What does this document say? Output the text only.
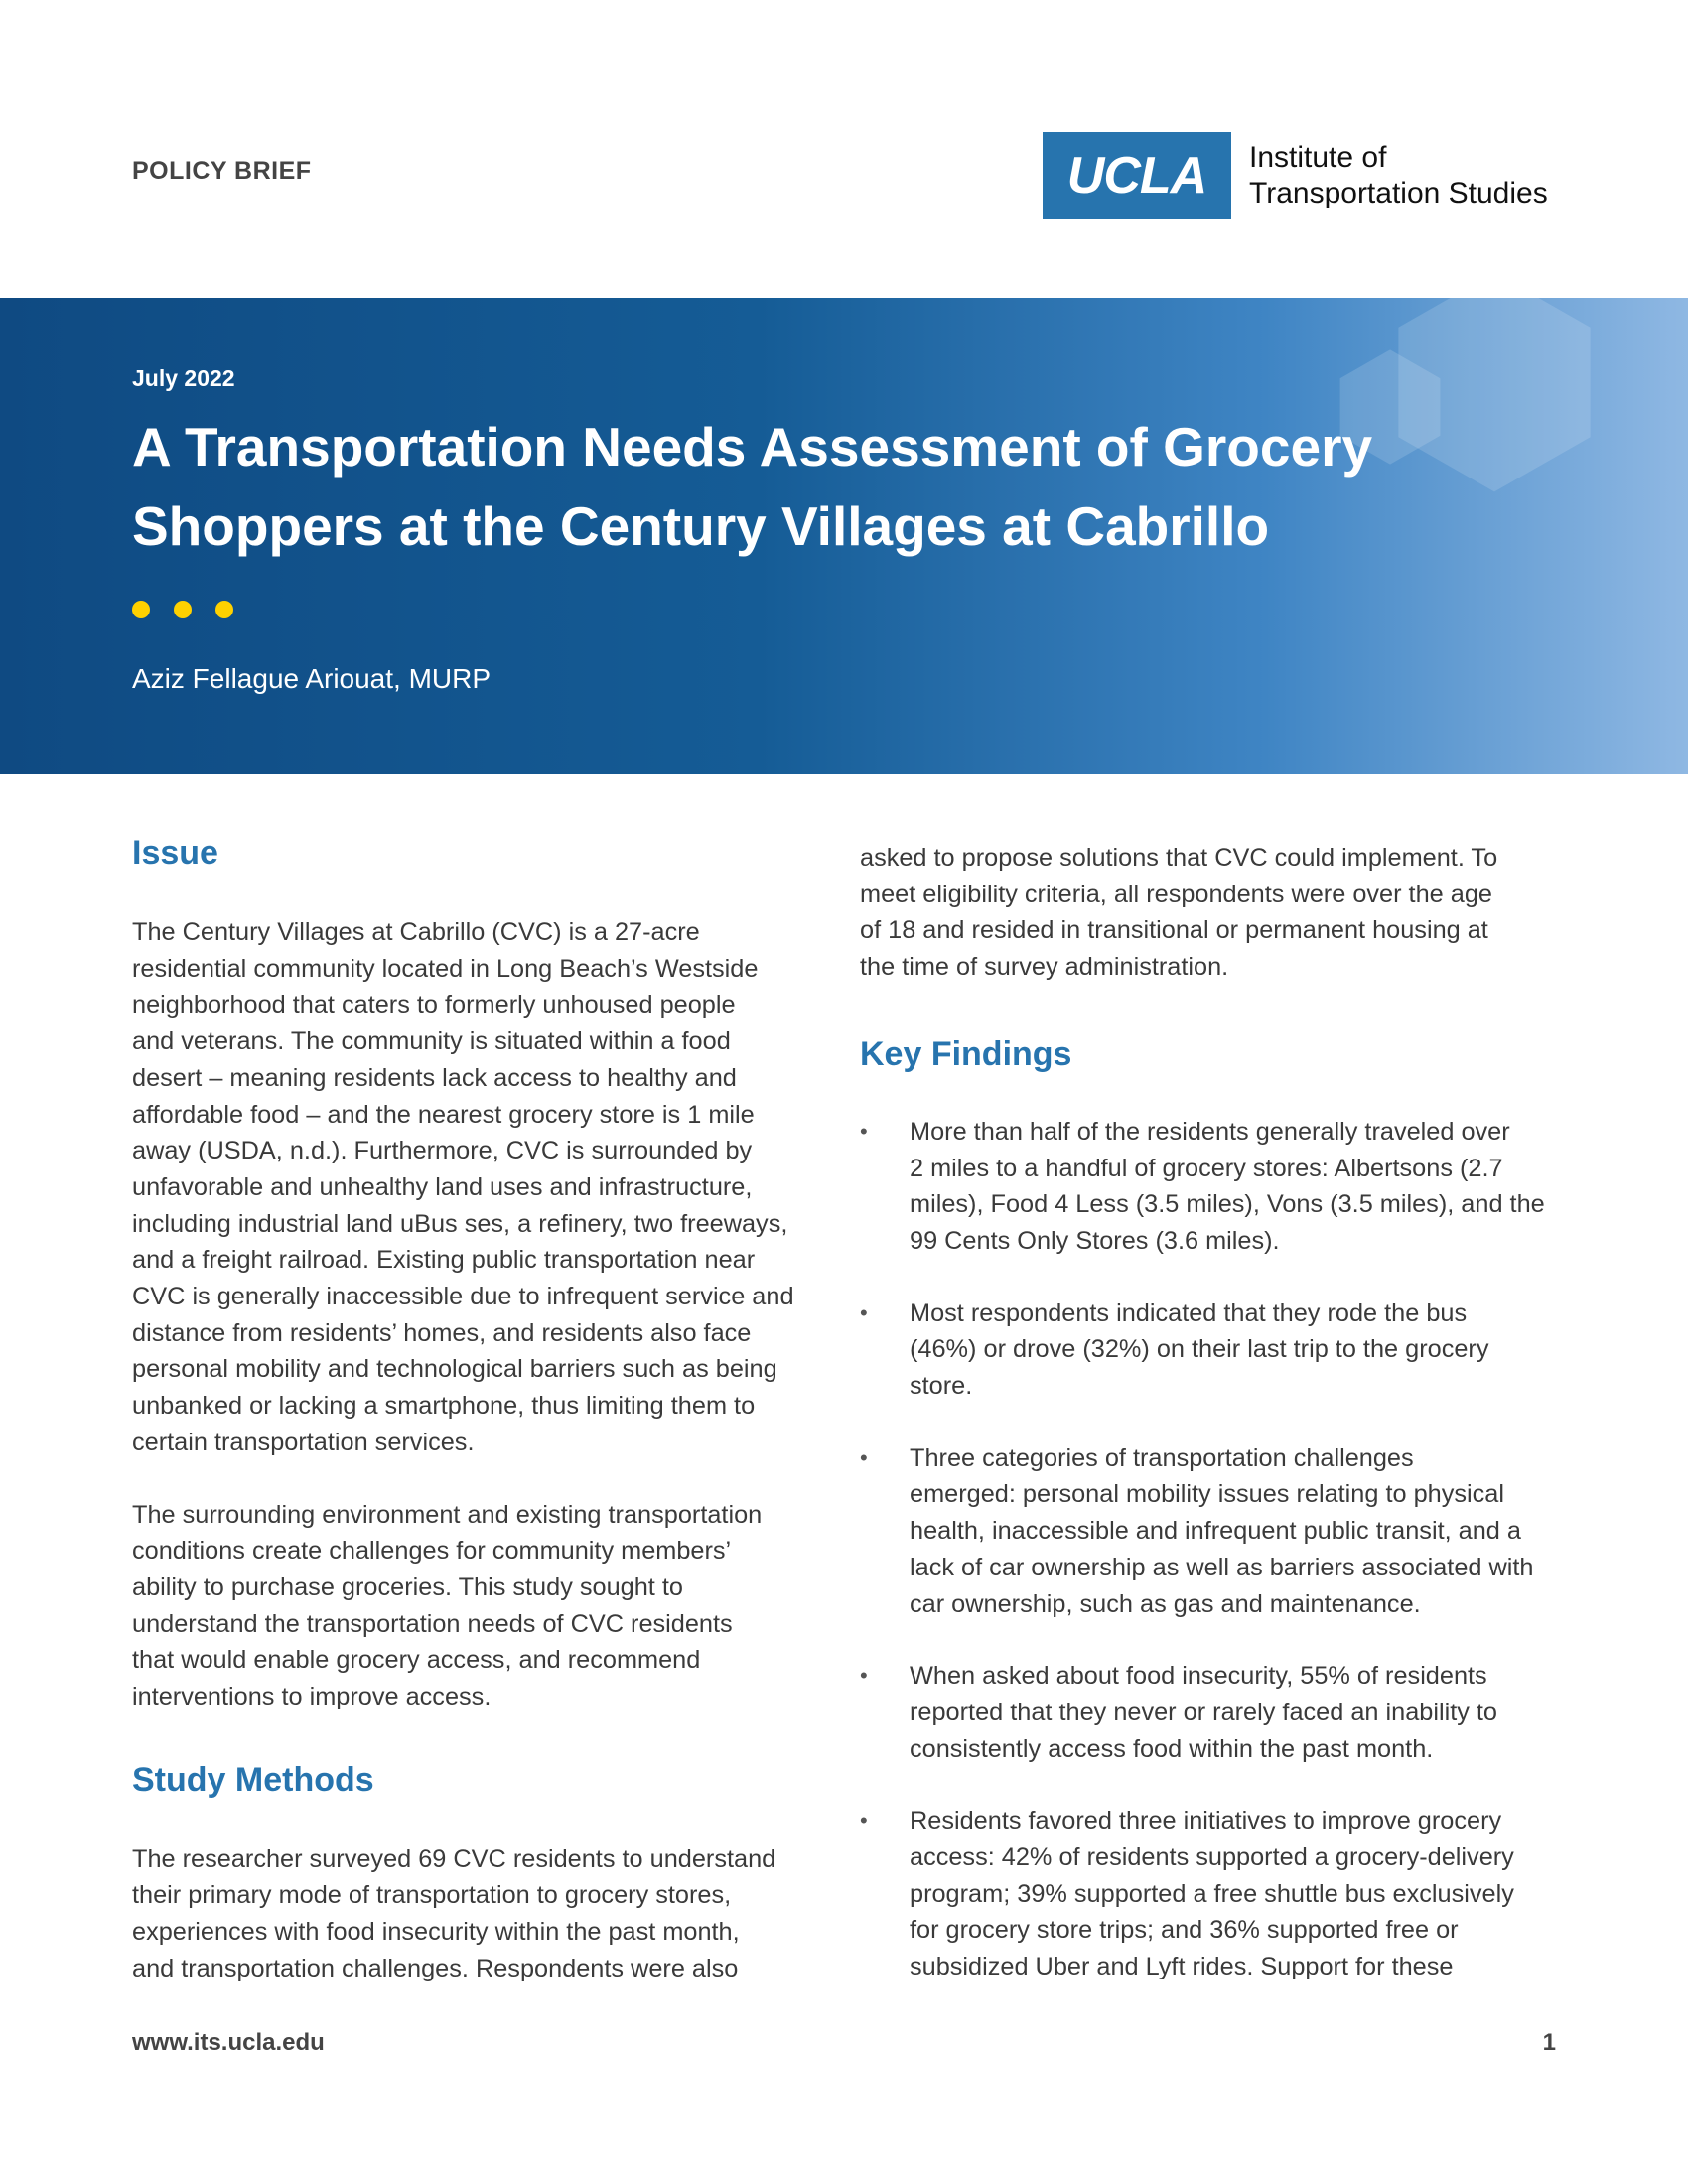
POLICY BRIEF	UCLA	Institute of
Transportation Studies
July 2022
A Transportation Needs Assessment of Grocery
Shoppers at the Century Villages at Cabrillo
Aziz Fellague Ariouat, MURP
Issue
The Century Villages at Cabrillo (CVC) is a 27-acre
residential community located in Long Beach’s Westside
neighborhood that caters to formerly unhoused people
and veterans. The community is situated within a food
desert – meaning residents lack access to healthy and
affordable food – and the nearest grocery store is 1 mile
away (USDA, n.d.). Furthermore, CVC is surrounded by
unfavorable and unhealthy land uses and infrastructure,
including industrial land uBus ses, a refinery, two freeways,
and a freight railroad. Existing public transportation near
CVC is generally inaccessible due to infrequent service and
distance from residents’ homes, and residents also face
personal mobility and technological barriers such as being
unbanked or lacking a smartphone, thus limiting them to
certain transportation services.
The surrounding environment and existing transportation
conditions create challenges for community members’
ability to purchase groceries. This study sought to
understand the transportation needs of CVC residents
that would enable grocery access, and recommend
interventions to improve access.
Study Methods
The researcher surveyed 69 CVC residents to understand
their primary mode of transportation to grocery stores,
experiences with food insecurity within the past month,
and transportation challenges. Respondents were also
asked to propose solutions that CVC could implement. To
meet eligibility criteria, all respondents were over the age
of 18 and resided in transitional or permanent housing at
the time of survey administration.
Key Findings
• More than half of the residents generally traveled over
2 miles to a handful of grocery stores: Albertsons (2.7
miles), Food 4 Less (3.5 miles), Vons (3.5 miles), and the
99 Cents Only Stores (3.6 miles).
• Most respondents indicated that they rode the bus
(46%) or drove (32%) on their last trip to the grocery
store.
• Three categories of transportation challenges
emerged: personal mobility issues relating to physical
health, inaccessible and infrequent public transit, and a
lack of car ownership as well as barriers associated with
car ownership, such as gas and maintenance.
• When asked about food insecurity, 55% of residents
reported that they never or rarely faced an inability to
consistently access food within the past month.
• Residents favored three initiatives to improve grocery
access: 42% of residents supported a grocery-delivery
program; 39% supported a free shuttle bus exclusively
for grocery store trips; and 36% supported free or
subsidized Uber and Lyft rides. Support for these
www.its.ucla.edu	1
